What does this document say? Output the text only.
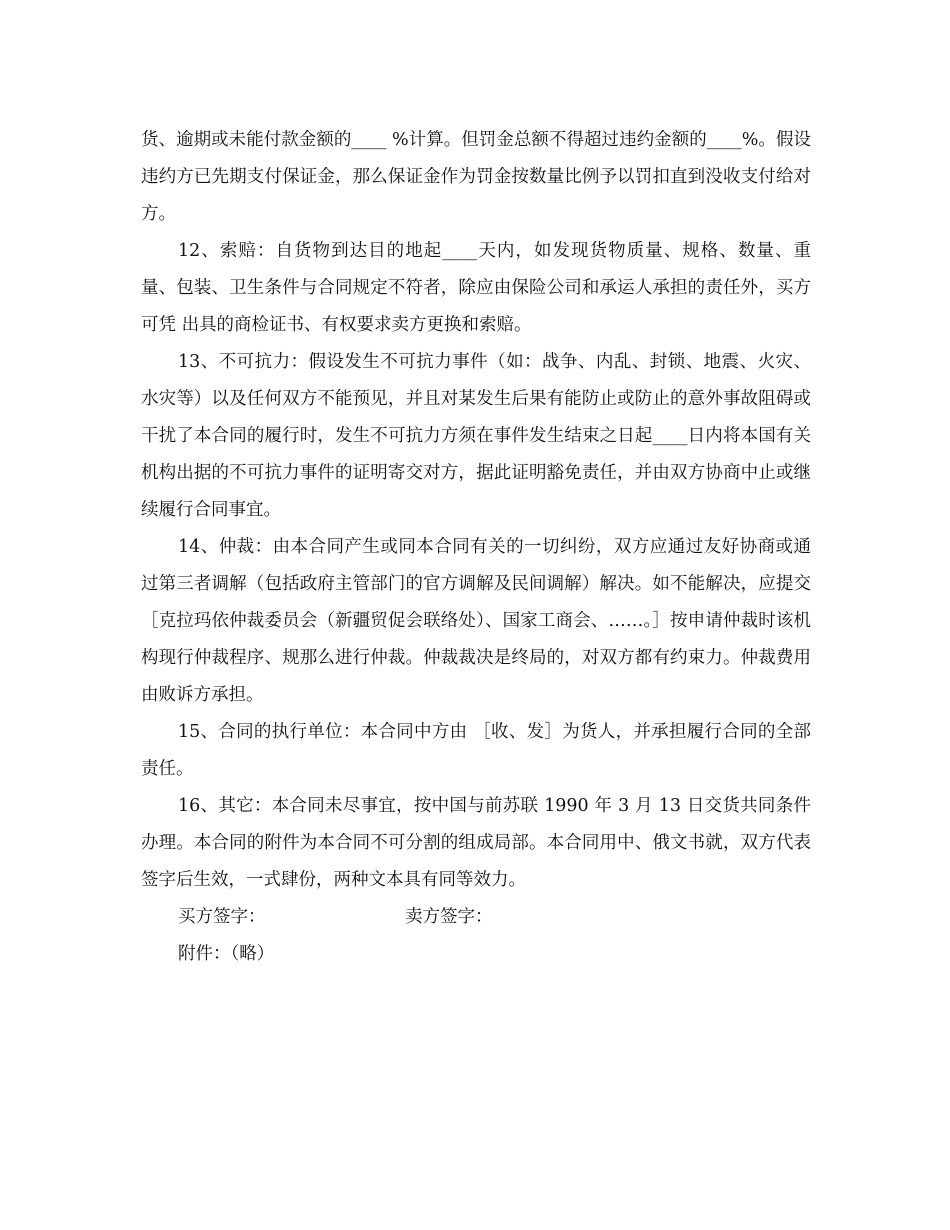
货、逾期或未能付款金额的____ %计算。但罚金总额不得超过违约金额的____%。假设违约方已先期支付保证金，那么保证金作为罚金按数量比例予以罚扣直到没收支付给对方。

12、索赔：自货物到达目的地起____天内，如发现货物质量、规格、数量、重量、包装、卫生条件与合同规定不符者，除应由保险公司和承运人承担的责任外，买方可凭 出具的商检证书、有权要求卖方更换和索赔。

13、不可抗力：假设发生不可抗力事件（如：战争、内乱、封锁、地震、火灾、水灾等）以及任何双方不能预见，并且对某发生后果有能防止或防止的意外事故阻碍或干扰了本合同的履行时，发生不可抗力方须在事件发生结束之日起____日内将本国有关机构出据的不可抗力事件的证明寄交对方，据此证明豁免责任，并由双方协商中止或继续履行合同事宜。

14、仲裁：由本合同产生或同本合同有关的一切纠纷，双方应通过友好协商或通过第三者调解（包括政府主管部门的官方调解及民间调解）解决。如不能解决，应提交 ［克拉玛依仲裁委员会（新疆贸促会联络处）、国家工商会、……。］按申请仲裁时该机构现行仲裁程序、规那么进行仲裁。仲裁裁决是终局的，对双方都有约束力。仲裁费用由败诉方承担。

15、合同的执行单位：本合同中方由 ［收、发］为货人，并承担履行合同的全部责任。

16、其它：本合同未尽事宜，按中国与前苏联 1990 年 3 月 13 日交货共同条件办理。本合同的附件为本合同不可分割的组成局部。本合同用中、俄文书就，双方代表签字后生效，一式肆份，两种文本具有同等效力。

买方签字：	卖方签字：
附件：（略）
